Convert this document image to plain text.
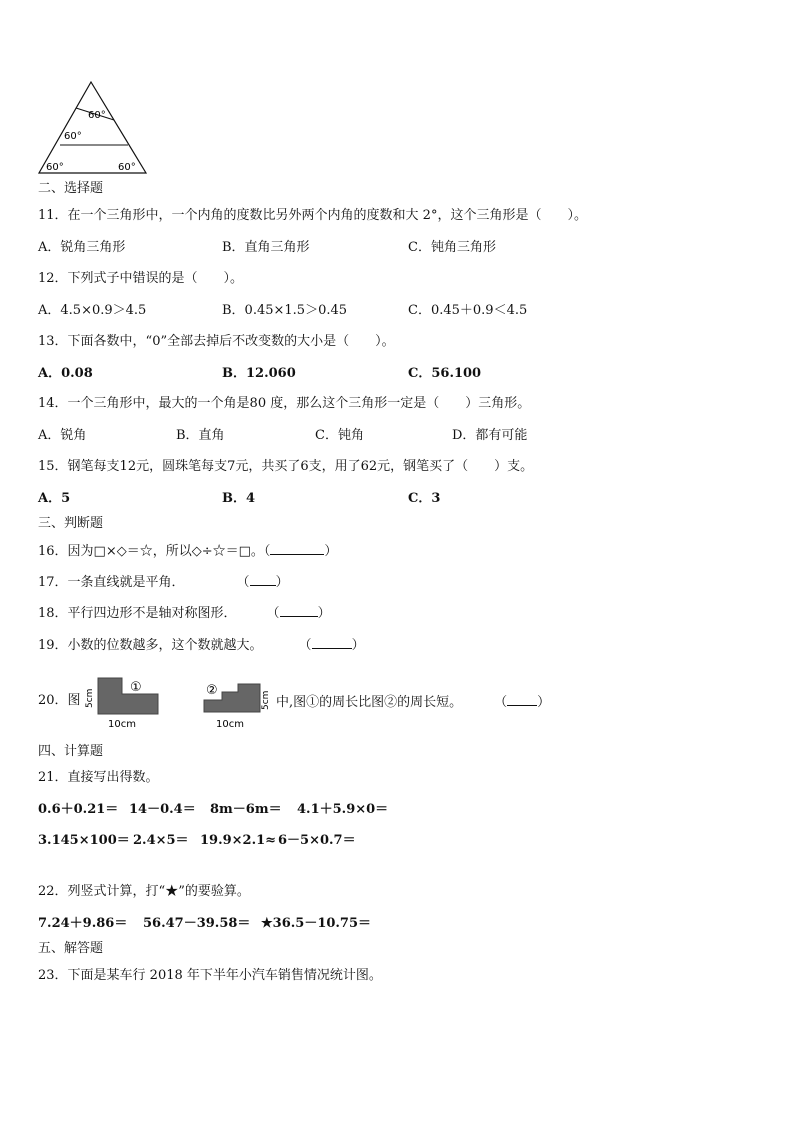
60°
60°
60°	60°
二、选择题
11．在一个三角形中，一个内角的度数比另外两个内角的度数和大 2°，这个三角形是（　　）。
A．锐角三角形	B．直角三角形	C．钝角三角形
12．下列式子中错误的是（　　）。
A．4.5×0.9＞4.5	B．0.45×1.5＞0.45	C．0.45＋0.9＜4.5
13．下面各数中，“0”全部去掉后不改变数的大小是（　　）。
A．0.08	B．12.060	C．56.100
14．一个三角形中，最大的一个角是80 度，那么这个三角形一定是（　　）三角形。
A．锐角	B．直角	C．钝角	D．都有可能
15．钢笔每支12元，圆珠笔每支7元，共买了6支，用了62元，钢笔买了（　　）支。
A．5	B．4	C．3
三、判断题
16．因为□×◇＝☆，所以◇÷☆＝□。（	）
17．一条直线就是平角．	（ ）
18．平行四边形不是轴对称图形． （	）
19．小数的位数越多，这个数就越大。	（	）
20．图
①
5cm
10cm
②
5cm
10cm
中,图①的周长比图②的周长短。 （ ）
四、计算题
21．直接写出得数。
0.6＋0.21＝ 14－0.4＝ 8m－6m＝ 4.1＋5.9×0＝
3.145×100＝ 2.4×5＝ 19.9×2.1≈ 6－5×0.7＝
22．列竖式计算，打“★”的要验算。
7.24＋9.86＝ 56.47－39.58＝ ★36.5－10.75＝
五、解答题
23．下面是某车行 2018 年下半年小汽车销售情况统计图。
